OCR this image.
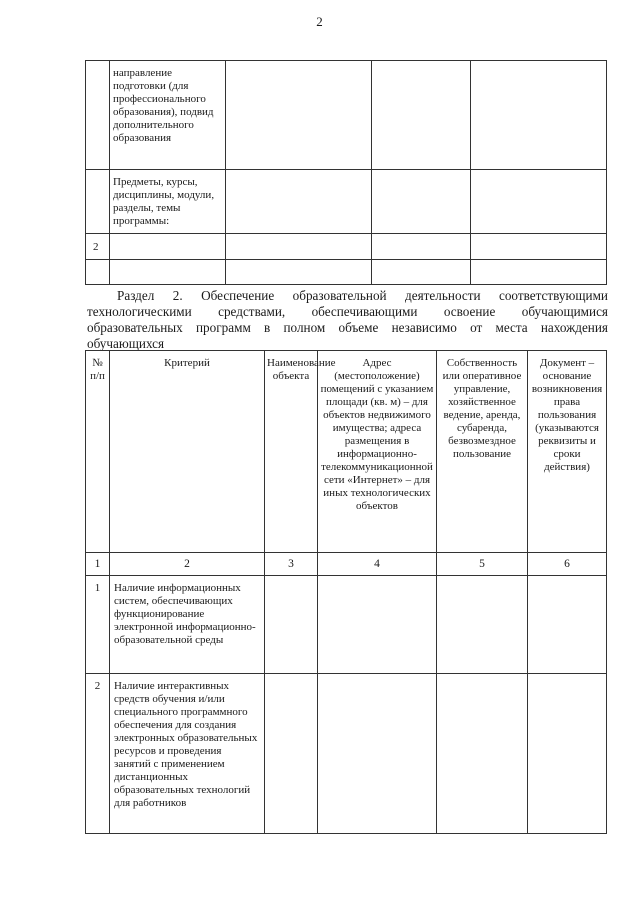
2
	направление подготовки (для профессионального образования), подвид дополнительного образования			
	Предметы, курсы, дисциплины, модули, разделы, темы программы:			
2				

Раздел 2. Обеспечение образовательной деятельности соответствующими технологическими средствами, обеспечивающими освоение обучающимися образовательных программ в полном объеме независимо от места нахождения обучающихся
№ п/п	Критерий	Наименование объекта	Адрес (местоположение) помещений с указанием площади (кв. м) – для объектов недвижимого имущества; адреса размещения в информационно-телекоммуникационной сети «Интернет» – для иных технологических объектов	Собственность или оперативное управление, хозяйственное ведение, аренда, субаренда, безвозмездное пользование	Документ – основание возникновения права пользования (указываются реквизиты и сроки действия)
1	2	3	4	5	6
1	Наличие информационных систем, обеспечивающих функционирование электронной информационно-образовательной среды				
2	Наличие интерактивных средств обучения и/или специального программного обеспечения для создания электронных образовательных ресурсов и проведения занятий с применением дистанционных образовательных технологий для работников				
